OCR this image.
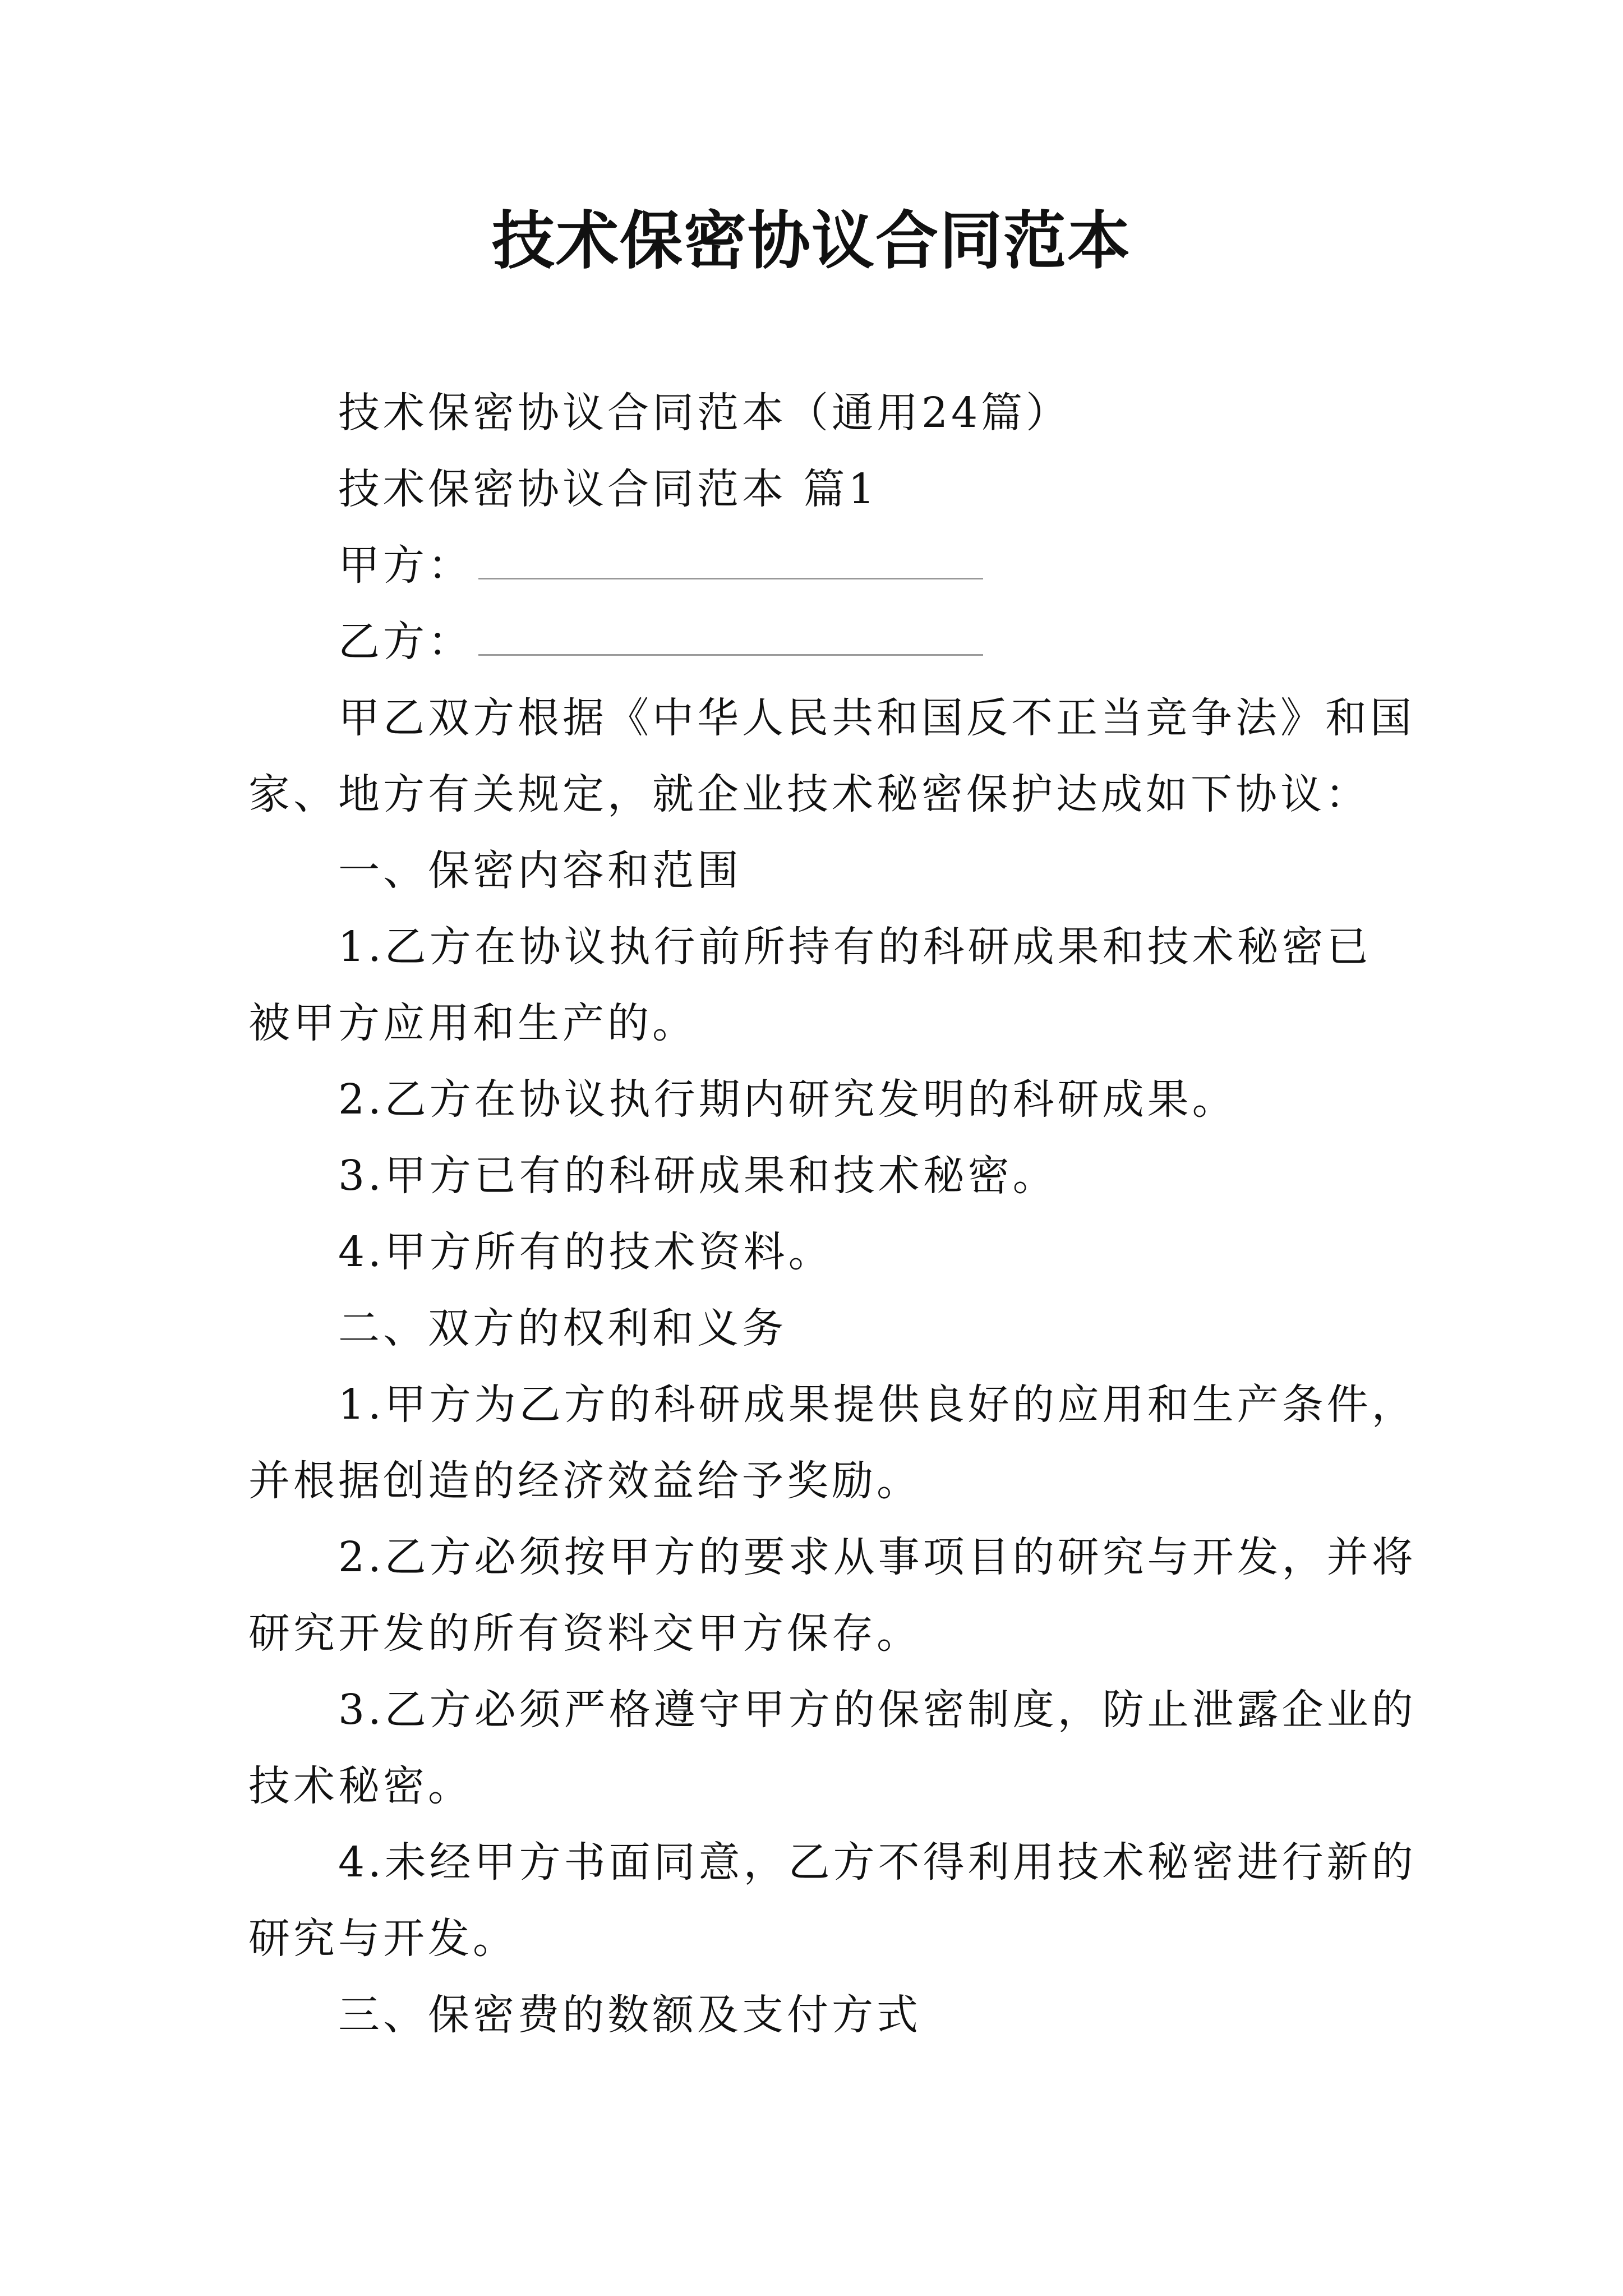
技术保密协议合同范本
技术保密协议合同范本（通用24篇）
技术保密协议合同范本 篇1
甲方：
乙方：
甲乙双方根据《中华人民共和国反不正当竞争法》和国
家、地方有关规定，就企业技术秘密保护达成如下协议：
一、保密内容和范围
1.乙方在协议执行前所持有的科研成果和技术秘密已
被甲方应用和生产的。
2.乙方在协议执行期内研究发明的科研成果。
3.甲方已有的科研成果和技术秘密。
4.甲方所有的技术资料。
二、双方的权利和义务
1.甲方为乙方的科研成果提供良好的应用和生产条件，
并根据创造的经济效益给予奖励。
2.乙方必须按甲方的要求从事项目的研究与开发，并将
研究开发的所有资料交甲方保存。
3.乙方必须严格遵守甲方的保密制度，防止泄露企业的
技术秘密。
4.未经甲方书面同意，乙方不得利用技术秘密进行新的
研究与开发。
三、保密费的数额及支付方式
